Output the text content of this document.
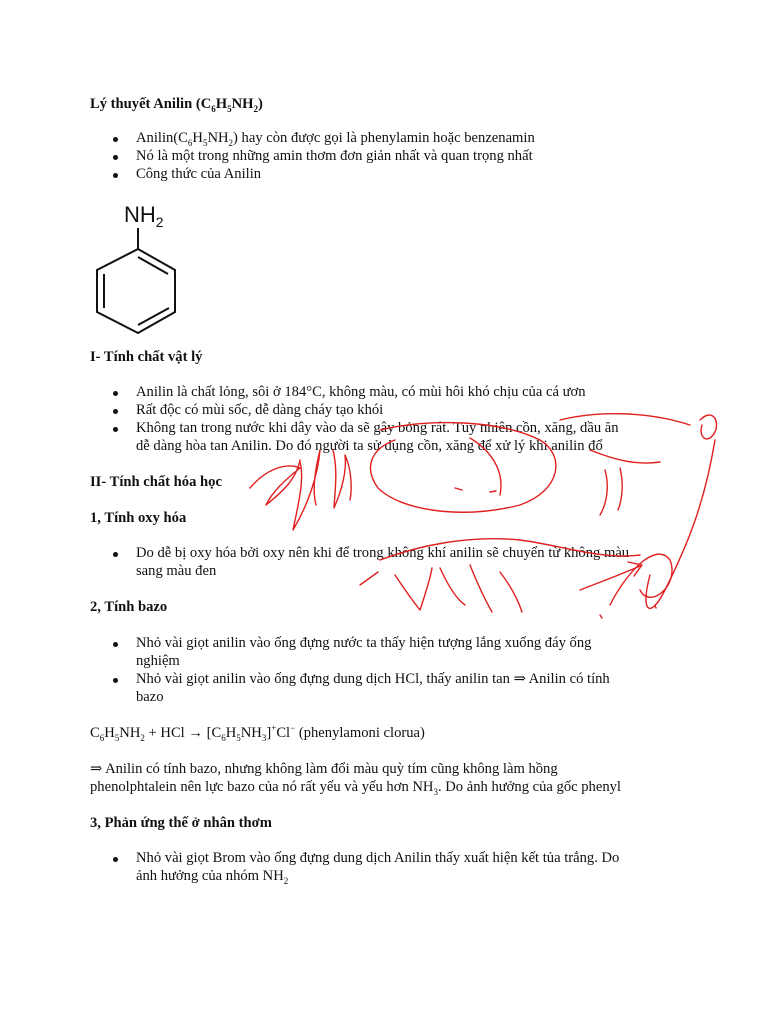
Lý thuyết Anilin $(C_6H_5NH_2)$

$Anilin(C_6H_5NH_2)$ hay còn được gọi là phenylamin hoặc benzenamin
Nó là một trong những amin thơm đơn giản nhất và quan trọng nhất
Công thức của Anilin
$NH_2$

I- Tính chất vật lý

Anilin là chất lỏng, sôi ở 184°C, không màu, có mùi hôi khó chịu của cá ươn
Rất độc có mùi sốc, dễ dàng cháy tạo khói
Không tan trong nước khi dây vào da sẽ gây bỏng rát. Tuy nhiên cồn, xăng, dầu ăn
dễ dàng hòa tan Anilin. Do đó người ta sử dụng cồn, xăng để xử lý khi anilin đổ

II- Tính chất hóa học

1, Tính oxy hóa

Do dễ bị oxy hóa bởi oxy nên khi để trong không khí anilin sẽ chuyển từ không màu
sang màu đen

2, Tính bazo

Nhỏ vài giọt anilin vào ống đựng nước ta thấy hiện tượng lắng xuống đáy ống
nghiệm
Nhỏ vài giọt anilin vào ống đựng dung dịch HCl, thấy anilin tan ⇒ Anilin có tính
bazo

$C_6H_5NH_2$ + HCl → $[C_6H_5NH_3]^+Cl^-$ (phenylamoni clorua)

⇒ Anilin có tính bazo, nhưng không làm đổi màu quỳ tím cũng không làm hồng

phenolphtalein nên lực bazo của nó rất yếu và yếu hơn $NH_3$. Do ảnh hưởng của gốc phenyl

3, Phản ứng thế ở nhân thơm

Nhỏ vài giọt Brom vào ống đựng dung dịch Anilin thấy xuất hiện kết tủa trắng. Do
ảnh hưởng của nhóm $NH_2$
